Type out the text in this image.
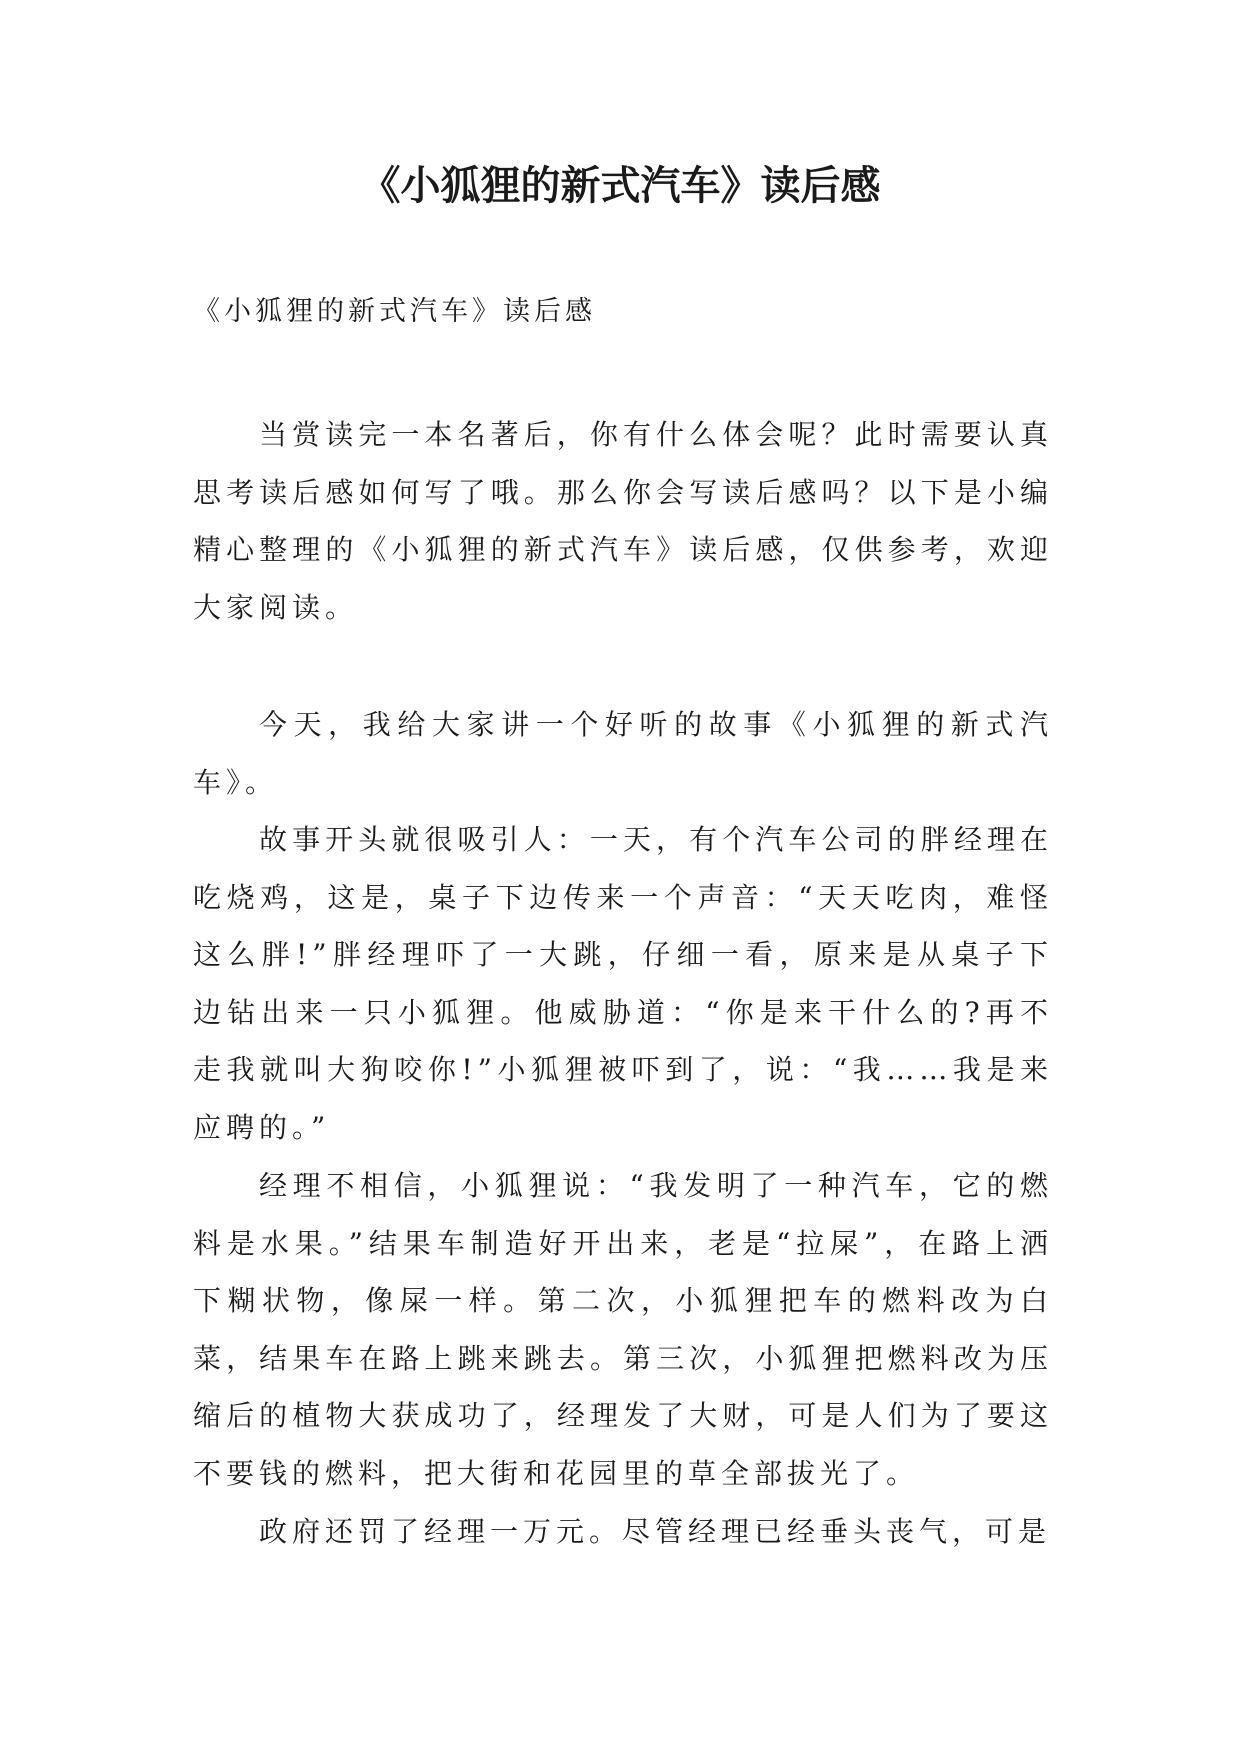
《小狐狸的新式汽车》读后感

《小狐狸的新式汽车》读后感

当赏读完一本名著后，你有什么体会呢？此时需要认真思考读后感如何写了哦。那么你会写读后感吗？以下是小编精心整理的《小狐狸的新式汽车》读后感，仅供参考，欢迎大家阅读。

今天，我给大家讲一个好听的故事《小狐狸的新式汽车》。

故事开头就很吸引人：一天，有个汽车公司的胖经理在吃烧鸡，这是，桌子下边传来一个声音：“天天吃肉，难怪这么胖!”胖经理吓了一大跳，仔细一看，原来是从桌子下边钻出来一只小狐狸。他威胁道：“你是来干什么的?再不走我就叫大狗咬你!”小狐狸被吓到了，说：“我……我是来应聘的。”

经理不相信，小狐狸说：“我发明了一种汽车，它的燃料是水果。”结果车制造好开出来，老是“拉屎”，在路上洒下糊状物，像屎一样。第二次，小狐狸把车的燃料改为白菜，结果车在路上跳来跳去。第三次，小狐狸把燃料改为压缩后的植物大获成功了，经理发了大财，可是人们为了要这不要钱的燃料，把大街和花园里的草全部拔光了。

政府还罚了经理一万元。尽管经理已经垂头丧气，可是
